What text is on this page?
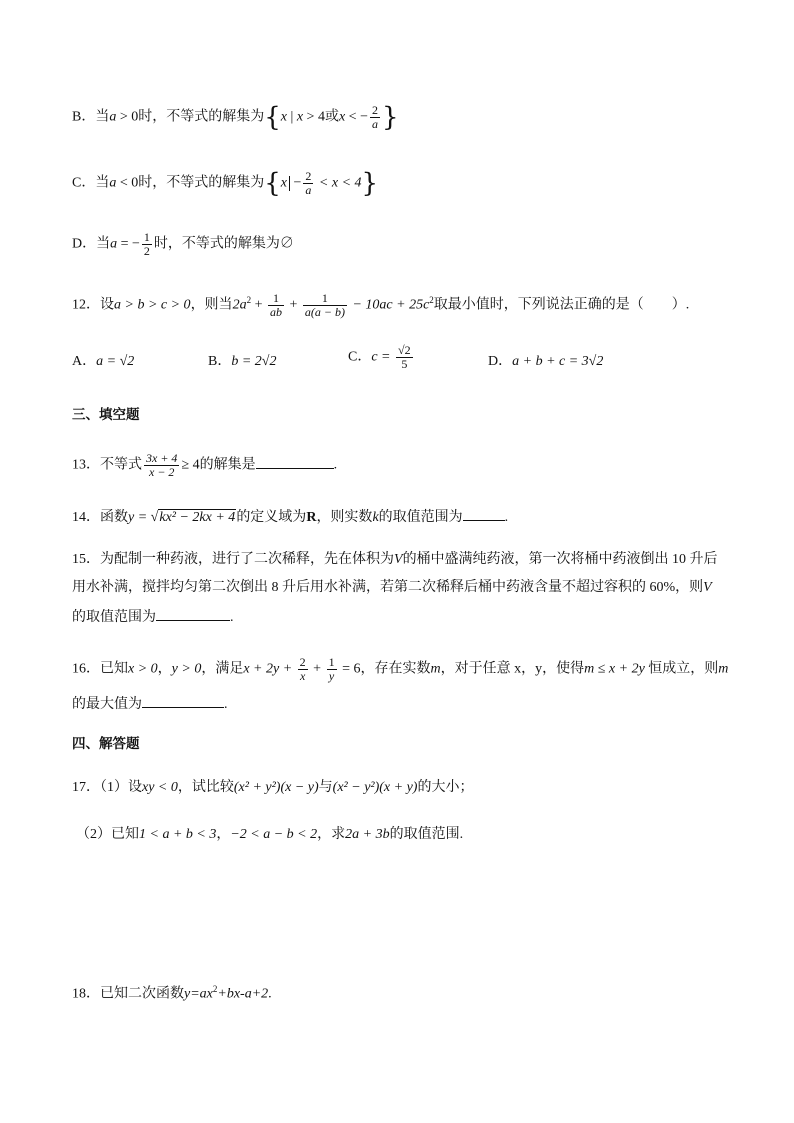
B．当a > 0时，不等式的解集为{x | x > 4或x < − $\frac{2}{a}$ }
C．当a < 0时，不等式的解集为$\{x - \frac{2}{a} < x < 4\}$
D．当a = − $\frac{1}{2}$ 时，不等式的解集为∅
12．设a > b > c > 0，则当$2a^2 + \frac{1}{ab} + \frac{1}{a(a - b)} - 10ac + 25c^2$取最小值时，下列说法正确的是（　　）.
A．a = √2	B．b = 2√2	C．$c = \frac{√2}{5}$	D．a + b + c = 3√2
三、填空题
13．不等式 $\frac{3x + 4}{x - 2} \ge 4$的解集是	.
14．函数y = √kx² − 2kx + 4的定义域为R，则实数k的取值范围为	.
15．为配制一种药液，进行了二次稀释，先在体积为V的桶中盛满纯药液，第一次将桶中药液倒出 10 升后
用水补满，搅拌均匀第二次倒出 8 升后用水补满，若第二次稀释后桶中药液含量不超过容积的 60%，则V
的取值范围为	.
16．已知x > 0，y > 0，满足$x + 2y + \frac{2}{x} + \frac{1}{y} = 6$，存在实数m，对于任意 x，y，使得m ≤ x + 2y 恒成立，则m
的最大值为	.
四、解答题
17．（1）设xy < 0，试比较(x² + y²)(x − y)与(x² − y²)(x + y)的大小；
（2）已知1 < a + b < 3，−2 < a − b < 2，求2a + 3b的取值范围.
18．已知二次函数$y=ax^2+bx-a+2$.
